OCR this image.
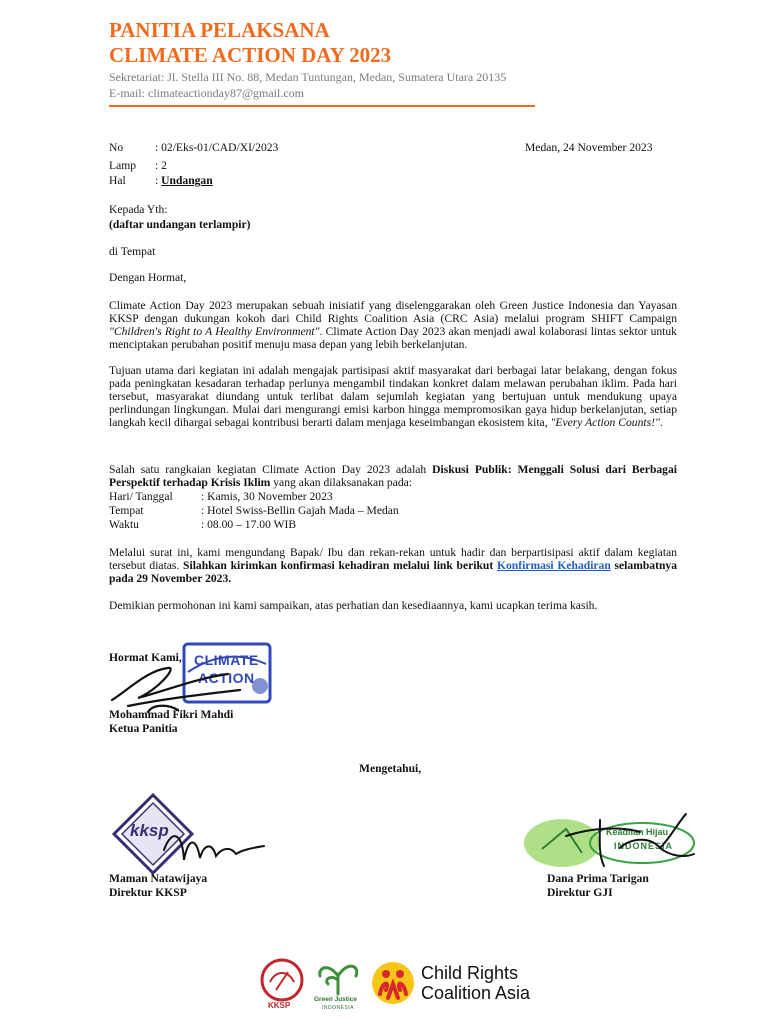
PANITIA PELAKSANA
CLIMATE ACTION DAY 2023
Sekretariat: Jl. Stella III No. 88, Medan Tuntungan, Medan, Sumatera Utara 20135
E-mail: climateactionday87@gmail.com
No	: 02/Eks-01/CAD/XI/2023	Medan, 24 November 2023
Lamp : 2
Hal	: Undangan
Kepada Yth:
(daftar undangan terlampir)
di Tempat
Dengan Hormat,
Climate Action Day 2023 merupakan sebuah inisiatif yang diselenggarakan oleh Green Justice Indonesia dan Yayasan KKSP dengan dukungan kokoh dari Child Rights Coalition Asia (CRC Asia) melalui program SHIFT Campaign "Children's Right to A Healthy Environment". Climate Action Day 2023 akan menjadi awal kolaborasi lintas sektor untuk menciptakan perubahan positif menuju masa depan yang lebih berkelanjutan.
Tujuan utama dari kegiatan ini adalah mengajak partisipasi aktif masyarakat dari berbagai latar belakang, dengan fokus pada peningkatan kesadaran terhadap perlunya mengambil tindakan konkret dalam melawan perubahan iklim. Pada hari tersebut, masyarakat diundang untuk terlibat dalam sejumlah kegiatan yang bertujuan untuk mendukung upaya perlindungan lingkungan. Mulai dari mengurangi emisi karbon hingga mempromosikan gaya hidup berkelanjutan, setiap langkah kecil dihargai sebagai kontribusi berarti dalam menjaga keseimbangan ekosistem kita, "Every Action Counts!".
Salah satu rangkaian kegiatan Climate Action Day 2023 adalah Diskusi Publik: Menggali Solusi dari Berbagai Perspektif terhadap Krisis Iklim yang akan dilaksanakan pada:
Hari/ Tanggal : Kamis, 30 November 2023
Tempat	: Hotel Swiss-Bellin Gajah Mada – Medan
Waktu	: 08.00 – 17.00 WIB
Melalui surat ini, kami mengundang Bapak/ Ibu dan rekan-rekan untuk hadir dan berpartisipasi aktif dalam kegiatan tersebut diatas. Silahkan kirimkan konfirmasi kehadiran melalui link berikut Konfirmasi Kehadiran selambatnya pada 29 November 2023.
Demikian permohonan ini kami sampaikan, atas perhatian dan kesediaannya, kami ucapkan terima kasih.
Hormat Kami, CLIMATE
ACTION
Mohammad Fikri Mahdi
Ketua Panitia
Mengetahui,
kksp
Maman Natawijaya
Direktur KKSP
Keadilan Hijau
INDONESIA
Dana Prima Tarigan
Direktur GJI
KKSP
Green Justice
INDONESIA
Child Rights
Coalition Asia
